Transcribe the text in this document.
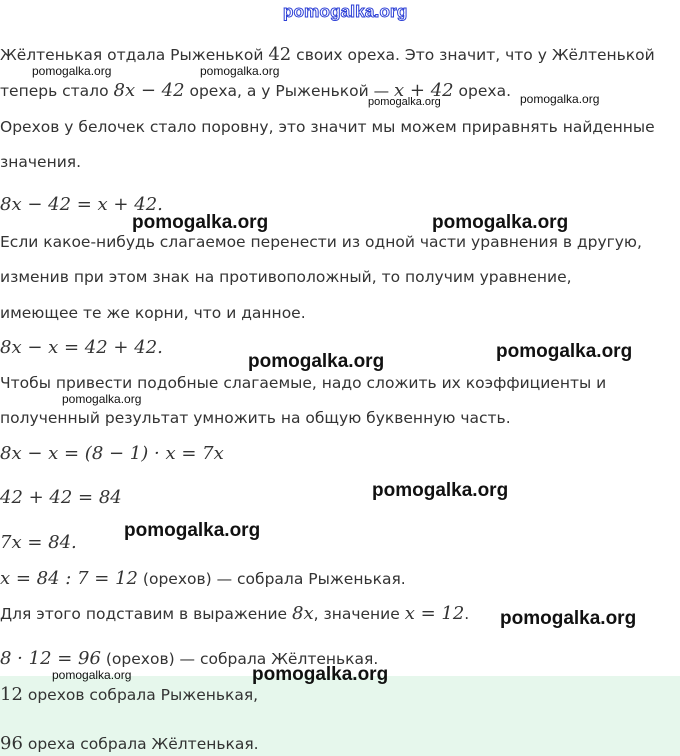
pomogalka.org
Жёлтенькая отдала Рыженькой 42 своих ореха. Это значит, что у Жёлтенькой
теперь стало 8x − 42 ореха, а у Рыженькой — x + 42 ореха.
Орехов у белочек стало поровну, это значит мы можем приравнять найденные
значения.
8x − 42 = x + 42.
Если какое-нибудь слагаемое перенести из одной части уравнения в другую,
изменив при этом знак на противоположный, то получим уравнение,
имеющее те же корни, что и данное.
8x − x = 42 + 42.
Чтобы привести подобные слагаемые, надо сложить их коэффициенты и
полученный результат умножить на общую буквенную часть.
8x − x = (8 − 1) · x = 7x
42 + 42 = 84
7x = 84.
x = 84 : 7 = 12 (орехов) — собрала Рыженькая.
Для этого подставим в выражение 8x, значение x = 12.
8 · 12 = 96 (орехов) — собрала Жёлтенькая.
12 орехов собрала Рыженькая,
96 ореха собрала Жёлтенькая.
pomogalka.org	pomogalka.org
pomogalka.org	pomogalka.org
pomogalka.org	pomogalka.org
pomogalka.org	pomogalka.org
pomogalka.org
pomogalka.org
pomogalka.org
pomogalka.org
pomogalka.org	pomogalka.org
